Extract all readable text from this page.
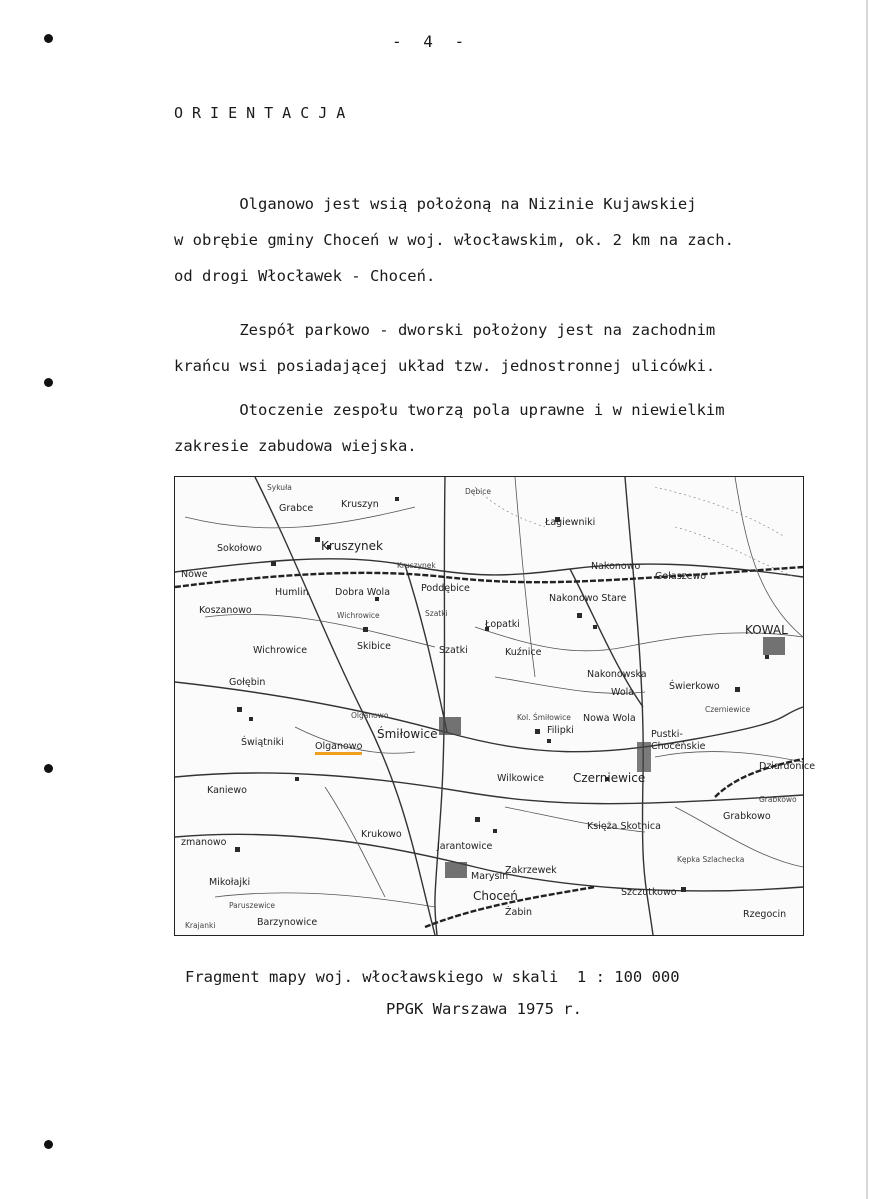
- 4 -
ORIENTACJA
Olganowo jest wsią położoną na Nizinie Kujawskiej
w obrębie gminy Choceń w woj. włocławskim, ok. 2 km na zach.
od drogi Włocławek - Choceń.
Zespół parkowo - dworski położony jest na zachodnim
krańcu wsi posiadającej układ tzw. jednostronnej ulicówki.
Otoczenie zespołu tworzą pola uprawne i w niewielkim
zakresie zabudowa wiejska.
Sykuła
Grabce	Kruszyn
Dębice
Łagiewniki
Sokołowo	Kruszynek
Kruszynek
Nowe
Humlin	Dobra Wola	Poddębice
Nakonowo Stare
Nakonowo
Gołaszewo
Koszanowo	Wichrowice	Szatki
Łopatki	KOWAL
Wichrowice	Skibice	Szatki	Kuźnice
Gołębin
Nakonowska
Wola
Świerkowo
Olganowo	Kol. Śmiłowice Nowa Wola
Czerniewice
Świątniki	Olganowo
Śmiłowice	Filipki	Pustki-
Choceńskie
Dziardonice
Kaniewo
Wilkowice Czerniewice
Grabkowo
Grabkowo
Krukowo
Księża Skotnica
zmanowo	Jarantowice
Zakrzewek
Kępka Szlachecka
Mikołajki
Marysin
Choceń	Szczutkowo
Paruszewice
Żabin	Rzegocin
Krajanki	Barzynowice
Fragment mapy woj. włocławskiego w skali  1 : 100 000
PPGK Warszawa 1975 r.
